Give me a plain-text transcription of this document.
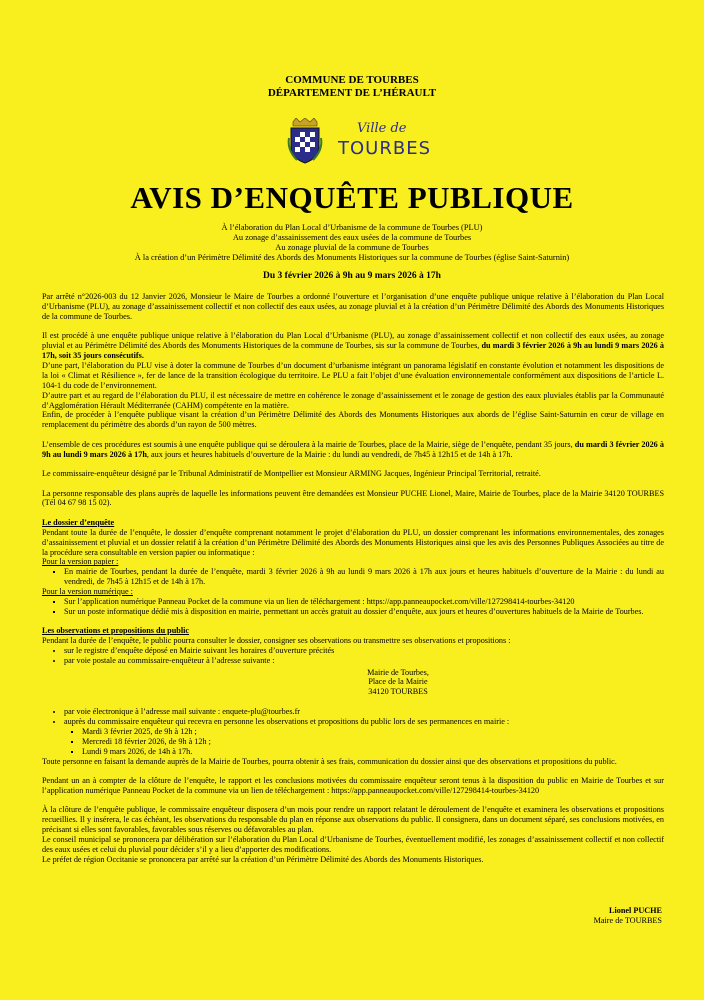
COMMUNE DE TOURBES
DÉPARTEMENT DE L’HÉRAULT
Ville de
TOURBES
AVIS D’ENQUÊTE PUBLIQUE
À l’élaboration du Plan Local d’Urbanisme de la commune de Tourbes (PLU)
Au zonage d’assainissement des eaux usées de la commune de Tourbes
Au zonage pluvial de la commune de Tourbes
À la création d’un Périmètre Délimité des Abords des Monuments Historiques sur la commune de Tourbes (église Saint-Saturnin)
Du 3 février 2026 à 9h au 9 mars 2026 à 17h

Par arrêté n°2026-003 du 12 Janvier 2026, Monsieur le Maire de Tourbes a ordonné l’ouverture et l’organisation d’une enquête publique unique relative à l’élaboration du Plan Local d’Urbanisme (PLU), au zonage d’assainissement collectif et non collectif des eaux usées, au zonage pluvial et à la création d’un Périmètre Délimité des Abords des Monuments Historiques de la commune de Tourbes.

Il est procédé à une enquête publique unique relative à l’élaboration du Plan Local d’Urbanisme (PLU), au zonage d’assainissement collectif et non collectif des eaux usées, au zonage pluvial et au Périmètre Délimité des Abords des Monuments Historiques de la commune de Tourbes, sis sur la commune de Tourbes, du mardi 3 février 2026 à 9h au lundi 9 mars 2026 à 17h, soit 35 jours consécutifs.

D’une part, l’élaboration du PLU vise à doter la commune de Tourbes d’un document d’urbanisme intégrant un panorama législatif en constante évolution et notamment les dispositions de la loi « Climat et Résilience », fer de lance de la transition écologique du territoire. Le PLU a fait l’objet d’une évaluation environnementale conformément aux dispositions de l’article L. 104-1 du code de l’environnement.

D’autre part et au regard de l’élaboration du PLU, il est nécessaire de mettre en cohérence le zonage d’assainissement et le zonage de gestion des eaux pluviales établis par la Communauté d’Agglomération Hérault Méditerranée (CAHM) compétente en la matière.

Enfin, de procéder à l’enquête publique visant la création d’un Périmètre Délimité des Abords des Monuments Historiques aux abords de l’église Saint-Saturnin en cœur de village en remplacement du périmètre des abords d’un rayon de 500 mètres.

L’ensemble de ces procédures est soumis à une enquête publique qui se déroulera à la mairie de Tourbes, place de la Mairie, siège de l’enquête, pendant 35 jours, du mardi 3 février 2026 à 9h au lundi 9 mars 2026 à 17h, aux jours et heures habituels d’ouverture de la Mairie : du lundi au vendredi, de 7h45 à 12h15 et de 14h à 17h.

Le commissaire-enquêteur désigné par le Tribunal Administratif de Montpellier est Monsieur ARMING Jacques, Ingénieur Principal Territorial, retraité.

La personne responsable des plans auprès de laquelle les informations peuvent être demandées est Monsieur PUCHE Lionel, Maire, Mairie de Tourbes, place de la Mairie 34120 TOURBES (Tél 04 67 98 15 02).

Le dossier d’enquête
Pendant toute la durée de l’enquête, le dossier d’enquête comprenant notamment le projet d’élaboration du PLU, un dossier comprenant les informations environnementales, des zonages d’assainissement et pluvial et un dossier relatif à la création d’un Périmètre Délimité des Abords des Monuments Historiques ainsi que les avis des Personnes Publiques Associées au titre de la procédure sera consultable en version papier ou informatique :
Pour la version papier :
▪ En mairie de Tourbes, pendant la durée de l’enquête, mardi 3 février 2026 à 9h au lundi 9 mars 2026 à 17h aux jours et heures habituels d’ouverture de la Mairie : du lundi au vendredi, de 7h45 à 12h15 et de 14h à 17h.
Pour la version numérique :
▪ Sur l’application numérique Panneau Pocket de la commune via un lien de téléchargement : https://app.panneaupocket.com/ville/127298414-tourbes-34120
▪ Sur un poste informatique dédié mis à disposition en mairie, permettant un accès gratuit au dossier d’enquête, aux jours et heures d’ouvertures habituels de la Mairie de Tourbes.
Les observations et propositions du public
Pendant la durée de l’enquête, le public pourra consulter le dossier, consigner ses observations ou transmettre ses observations et propositions :
• sur le registre d’enquête déposé en Mairie suivant les horaires d’ouverture précités
• par voie postale au commissaire-enquêteur à l’adresse suivante :
Mairie de Tourbes,
Place de la Mairie
34120 TOURBES
• par voie électronique à l’adresse mail suivante : enquete-plu@tourbes.fr
• auprès du commissaire enquêteur qui recevra en personne les observations et propositions du public lors de ses permanences en mairie :
▪ Mardi 3 février 2025, de 9h à 12h ;
▪ Mercredi 18 février 2026, de 9h à 12h ;
▪ Lundi 9 mars 2026, de 14h à 17h.

Toute personne en faisant la demande auprès de la Mairie de Tourbes, pourra obtenir à ses frais, communication du dossier ainsi que des observations et propositions du public.

Pendant un an à compter de la clôture de l’enquête, le rapport et les conclusions motivées du commissaire enquêteur seront tenus à la disposition du public en Mairie de Tourbes et sur l’application numérique Panneau Pocket de la commune via un lien de téléchargement : https://app.panneaupocket.com/ville/127298414-tourbes-34120

À la clôture de l’enquête publique, le commissaire enquêteur disposera d’un mois pour rendre un rapport relatant le déroulement de l’enquête et examinera les observations et propositions recueillies. Il y insérera, le cas échéant, les observations du responsable du plan en réponse aux observations du public. Il consignera, dans un document séparé, ses conclusions motivées, en précisant si elles sont favorables, favorables sous réserves ou défavorables au plan.

Le conseil municipal se prononcera par délibération sur l’élaboration du Plan Local d’Urbanisme de Tourbes, éventuellement modifié, les zonages d’assainissement collectif et non collectif des eaux usées et celui du pluvial pour décider s’il y a lieu d’apporter des modifications.

Le préfet de région Occitanie se prononcera par arrêté sur la création d’un Périmètre Délimité des Abords des Monuments Historiques.

Lionel PUCHE
Maire de TOURBES
